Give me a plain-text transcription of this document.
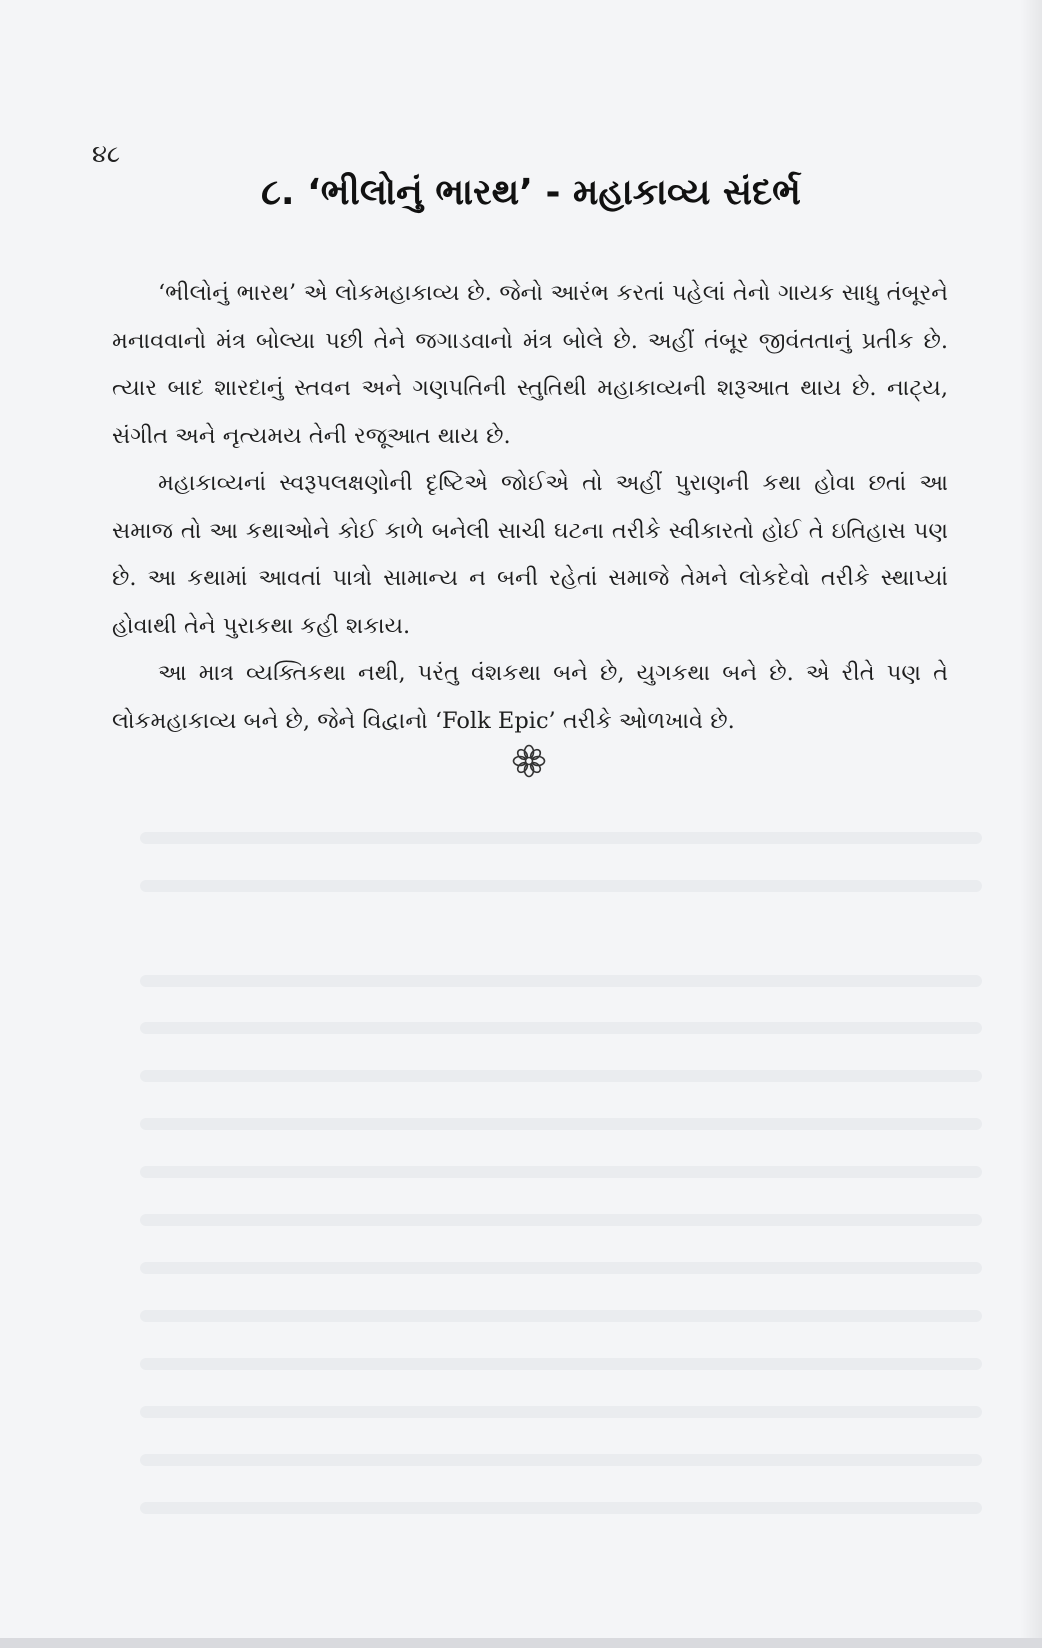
૪૮
૮. ‘ભીલોનું ભારથ’ - મહાકાવ્ય સંદર્ભ

‘ભીલોનું ભારથ’ એ લોકમહાકાવ્ય છે. જેનો આરંભ કરતાં પહેલાં તેનો ગાયક સાધુ તંબૂરને મનાવવાનો મંત્ર બોલ્યા પછી તેને જગાડવાનો મંત્ર બોલે છે. અહીં તંબૂર જીવંતતાનું પ્રતીક છે. ત્યાર બાદ શારદાનું સ્તવન અને ગણપતિની સ્તુતિથી મહાકાવ્યની શરૂઆત થાય છે. નાટ્ય, સંગીત અને નૃત્યમય તેની રજૂઆત થાય છે.

મહાકાવ્યનાં સ્વરૂપલક્ષણોની દૃષ્ટિએ જોઈએ તો અહીં પુરાણની કથા હોવા છતાં આ સમાજ તો આ કથાઓને કોઈ કાળે બનેલી સાચી ઘટના તરીકે સ્વીકારતો હોઈ તે ઇતિહાસ પણ છે. આ કથામાં આવતાં પાત્રો સામાન્ય ન બની રહેતાં સમાજે તેમને લોકદેવો તરીકે સ્થાપ્યાં હોવાથી તેને પુરાકથા કહી શકાય.

આ માત્ર વ્યક્તિકથા નથી, પરંતુ વંશકથા બને છે, યુગકથા બને છે. એ રીતે પણ તે લોકમહાકાવ્ય બને છે, જેને વિદ્વાનો ‘Folk Epic’ તરીકે ઓળખાવે છે.
